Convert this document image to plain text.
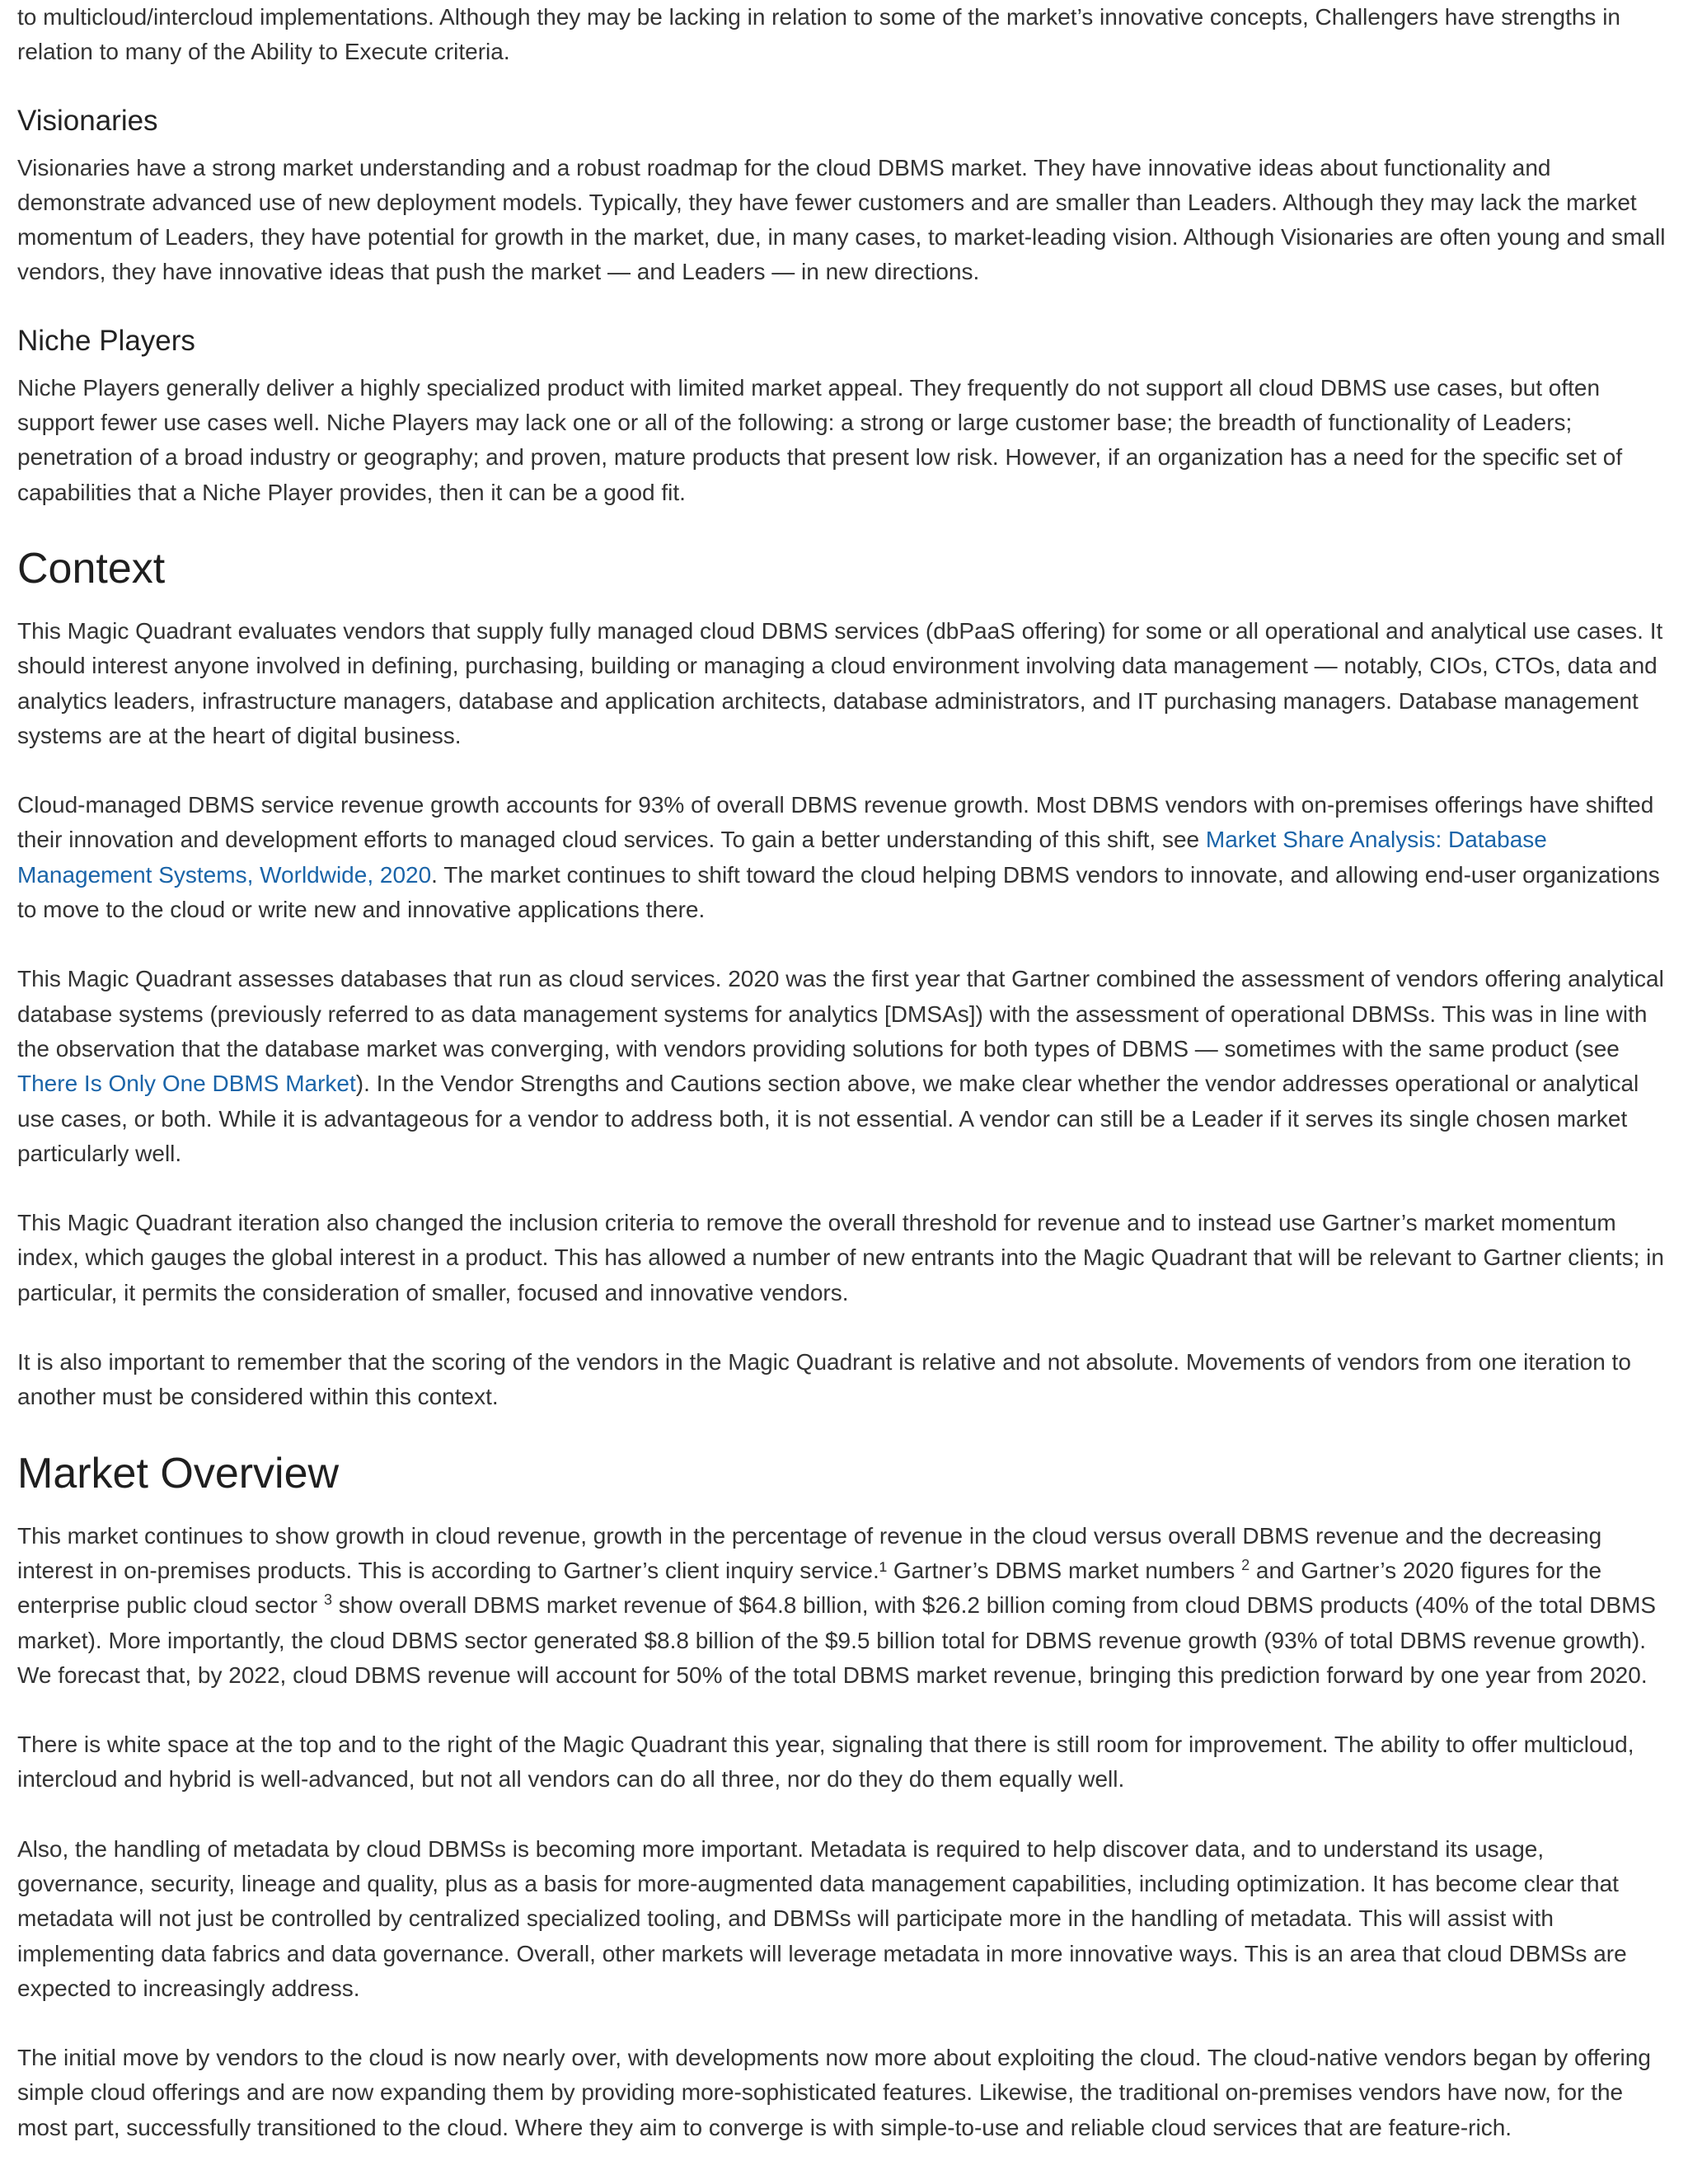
to multicloud/intercloud implementations. Although they may be lacking in relation to some of the market’s innovative concepts, Challengers have strengths in relation to many of the Ability to Execute criteria.

Visionaries

Visionaries have a strong market understanding and a robust roadmap for the cloud DBMS market. They have innovative ideas about functionality and demonstrate advanced use of new deployment models. Typically, they have fewer customers and are smaller than Leaders. Although they may lack the market momentum of Leaders, they have potential for growth in the market, due, in many cases, to market-leading vision. Although Visionaries are often young and small vendors, they have innovative ideas that push the market — and Leaders — in new directions.

Niche Players

Niche Players generally deliver a highly specialized product with limited market appeal. They frequently do not support all cloud DBMS use cases, but often support fewer use cases well. Niche Players may lack one or all of the following: a strong or large customer base; the breadth of functionality of Leaders; penetration of a broad industry or geography; and proven, mature products that present low risk. However, if an organization has a need for the specific set of capabilities that a Niche Player provides, then it can be a good fit.

Context

This Magic Quadrant evaluates vendors that supply fully managed cloud DBMS services (dbPaaS offering) for some or all operational and analytical use cases. It should interest anyone involved in defining, purchasing, building or managing a cloud environment involving data management — notably, CIOs, CTOs, data and analytics leaders, infrastructure managers, database and application architects, database administrators, and IT purchasing managers. Database management systems are at the heart of digital business.

Cloud-managed DBMS service revenue growth accounts for 93% of overall DBMS revenue growth. Most DBMS vendors with on-premises offerings have shifted their innovation and development efforts to managed cloud services. To gain a better understanding of this shift, see Market Share Analysis: Database Management Systems, Worldwide, 2020. The market continues to shift toward the cloud helping DBMS vendors to innovate, and allowing end-user organizations to move to the cloud or write new and innovative applications there.

This Magic Quadrant assesses databases that run as cloud services. 2020 was the first year that Gartner combined the assessment of vendors offering analytical database systems (previously referred to as data management systems for analytics [DMSAs]) with the assessment of operational DBMSs. This was in line with the observation that the database market was converging, with vendors providing solutions for both types of DBMS — sometimes with the same product (see There Is Only One DBMS Market). In the Vendor Strengths and Cautions section above, we make clear whether the vendor addresses operational or analytical use cases, or both. While it is advantageous for a vendor to address both, it is not essential. A vendor can still be a Leader if it serves its single chosen market particularly well.

This Magic Quadrant iteration also changed the inclusion criteria to remove the overall threshold for revenue and to instead use Gartner’s market momentum index, which gauges the global interest in a product. This has allowed a number of new entrants into the Magic Quadrant that will be relevant to Gartner clients; in particular, it permits the consideration of smaller, focused and innovative vendors.

It is also important to remember that the scoring of the vendors in the Magic Quadrant is relative and not absolute. Movements of vendors from one iteration to another must be considered within this context.

Market Overview

This market continues to show growth in cloud revenue, growth in the percentage of revenue in the cloud versus overall DBMS revenue and the decreasing interest in on-premises products. This is according to Gartner’s client inquiry service.¹ Gartner’s DBMS market numbers $^2$ and Gartner’s 2020 figures for the enterprise public cloud sector $^3$ show overall DBMS market revenue of $64.8 billion, with $26.2 billion coming from cloud DBMS products (40% of the total DBMS market). More importantly, the cloud DBMS sector generated $8.8 billion of the $9.5 billion total for DBMS revenue growth (93% of total DBMS revenue growth). We forecast that, by 2022, cloud DBMS revenue will account for 50% of the total DBMS market revenue, bringing this prediction forward by one year from 2020.

There is white space at the top and to the right of the Magic Quadrant this year, signaling that there is still room for improvement. The ability to offer multicloud, intercloud and hybrid is well-advanced, but not all vendors can do all three, nor do they do them equally well.

Also, the handling of metadata by cloud DBMSs is becoming more important. Metadata is required to help discover data, and to understand its usage, governance, security, lineage and quality, plus as a basis for more-augmented data management capabilities, including optimization. It has become clear that metadata will not just be controlled by centralized specialized tooling, and DBMSs will participate more in the handling of metadata. This will assist with implementing data fabrics and data governance. Overall, other markets will leverage metadata in more innovative ways. This is an area that cloud DBMSs are expected to increasingly address.

The initial move by vendors to the cloud is now nearly over, with developments now more about exploiting the cloud. The cloud-native vendors began by offering simple cloud offerings and are now expanding them by providing more-sophisticated features. Likewise, the traditional on-premises vendors have now, for the most part, successfully transitioned to the cloud. Where they aim to converge is with simple-to-use and reliable cloud services that are feature-rich.
